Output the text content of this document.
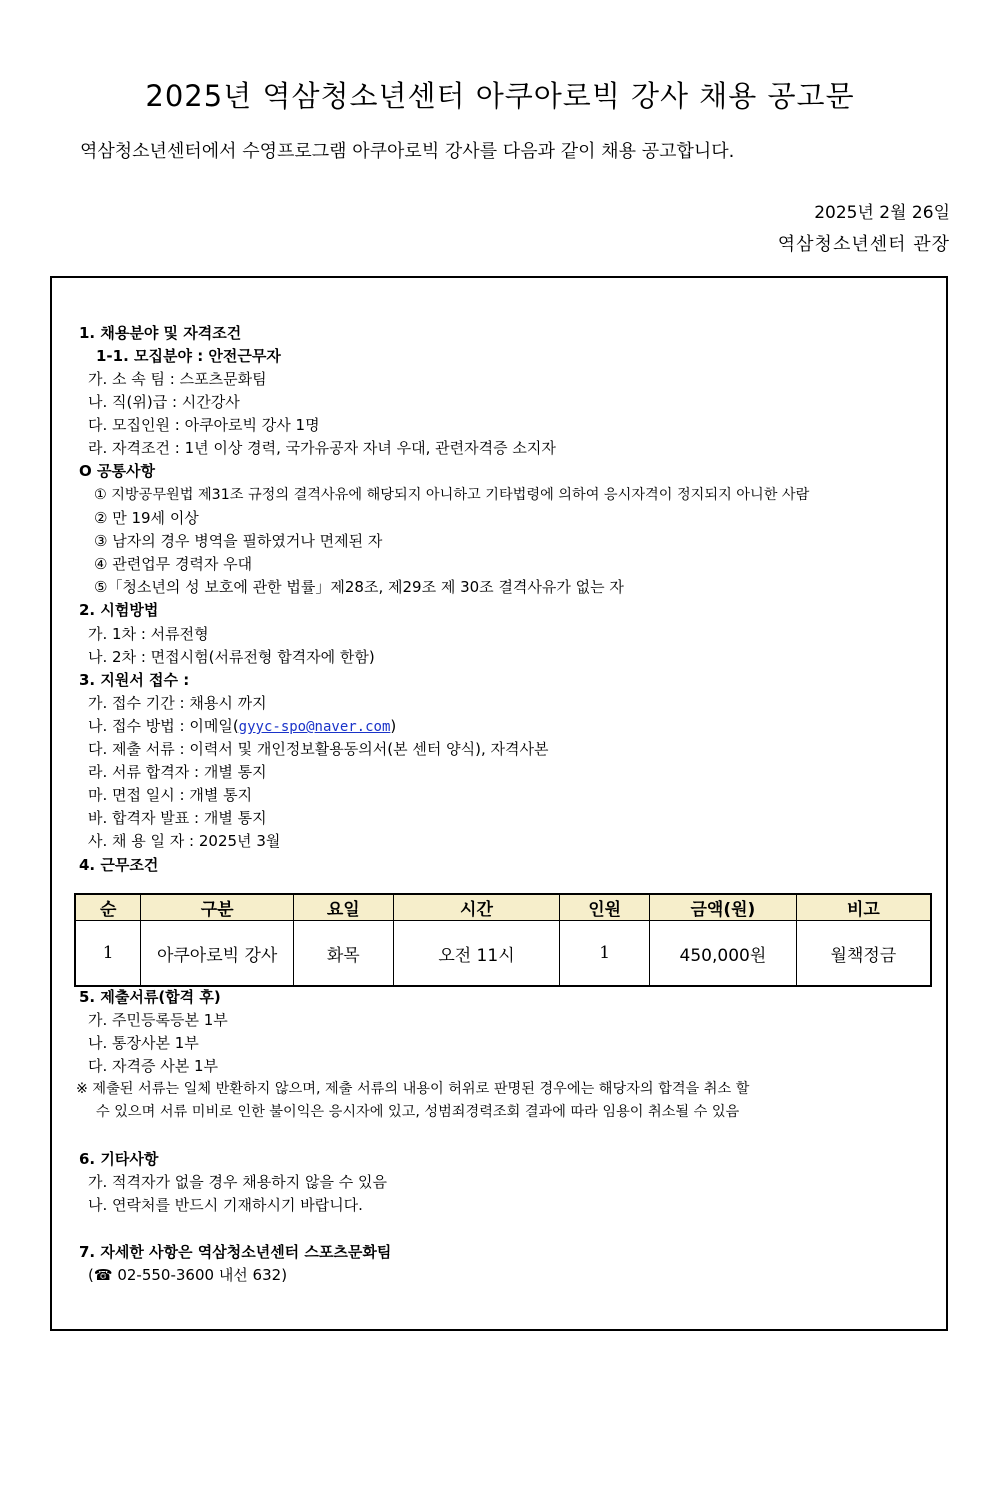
2025년 역삼청소년센터 아쿠아로빅 강사 채용 공고문
역삼청소년센터에서 수영프로그램 아쿠아로빅 강사를 다음과 같이 채용 공고합니다.
2025년 2월 26일
역삼청소년센터 관장
1. 채용분야 및 자격조건
1-1. 모집분야 : 안전근무자
가. 소 속 팀 : 스포츠문화팀
나. 직(위)급 : 시간강사
다. 모집인원 : 아쿠아로빅 강사 1명
라. 자격조건 : 1년 이상 경력, 국가유공자 자녀 우대, 관련자격증 소지자
O 공통사항
① 지방공무원법 제31조 규정의 결격사유에 해당되지 아니하고 기타법령에 의하여 응시자격이 정지되지 아니한 사람
② 만 19세 이상
③ 남자의 경우 병역을 필하였거나 면제된 자
④ 관련업무 경력자 우대
⑤「청소년의 성 보호에 관한 법률」제28조, 제29조 제 30조 결격사유가 없는 자
2. 시험방법
가. 1차 : 서류전형
나. 2차 : 면접시험(서류전형 합격자에 한함)
3. 지원서 접수 :
가. 접수 기간 : 채용시 까지
나. 접수 방법 : 이메일(gyyc-spo@naver.com)
다. 제출 서류 : 이력서 및 개인정보활용동의서(본 센터 양식), 자격사본
라. 서류 합격자 : 개별 통지
마. 면접 일시 : 개별 통지
바. 합격자 발표 : 개별 통지
사. 채 용 일 자 : 2025년 3월
4. 근무조건
순	구분	요일	시간	인원	금액(원)	비고
1	아쿠아로빅 강사	화목	오전 11시	1	450,000원	월책정금
5. 제출서류(합격 후)
가. 주민등록등본 1부
나. 통장사본 1부
다. 자격증 사본 1부
※ 제출된 서류는 일체 반환하지 않으며, 제출 서류의 내용이 허위로 판명된 경우에는 해당자의 합격을 취소 할
수 있으며 서류 미비로 인한 불이익은 응시자에 있고, 성범죄경력조회 결과에 따라 임용이 취소될 수 있음
6. 기타사항
가. 적격자가 없을 경우 채용하지 않을 수 있음
나. 연락처를 반드시 기재하시기 바랍니다.
7. 자세한 사항은 역삼청소년센터 스포츠문화팀
(☎ 02-550-3600 내선 632)
